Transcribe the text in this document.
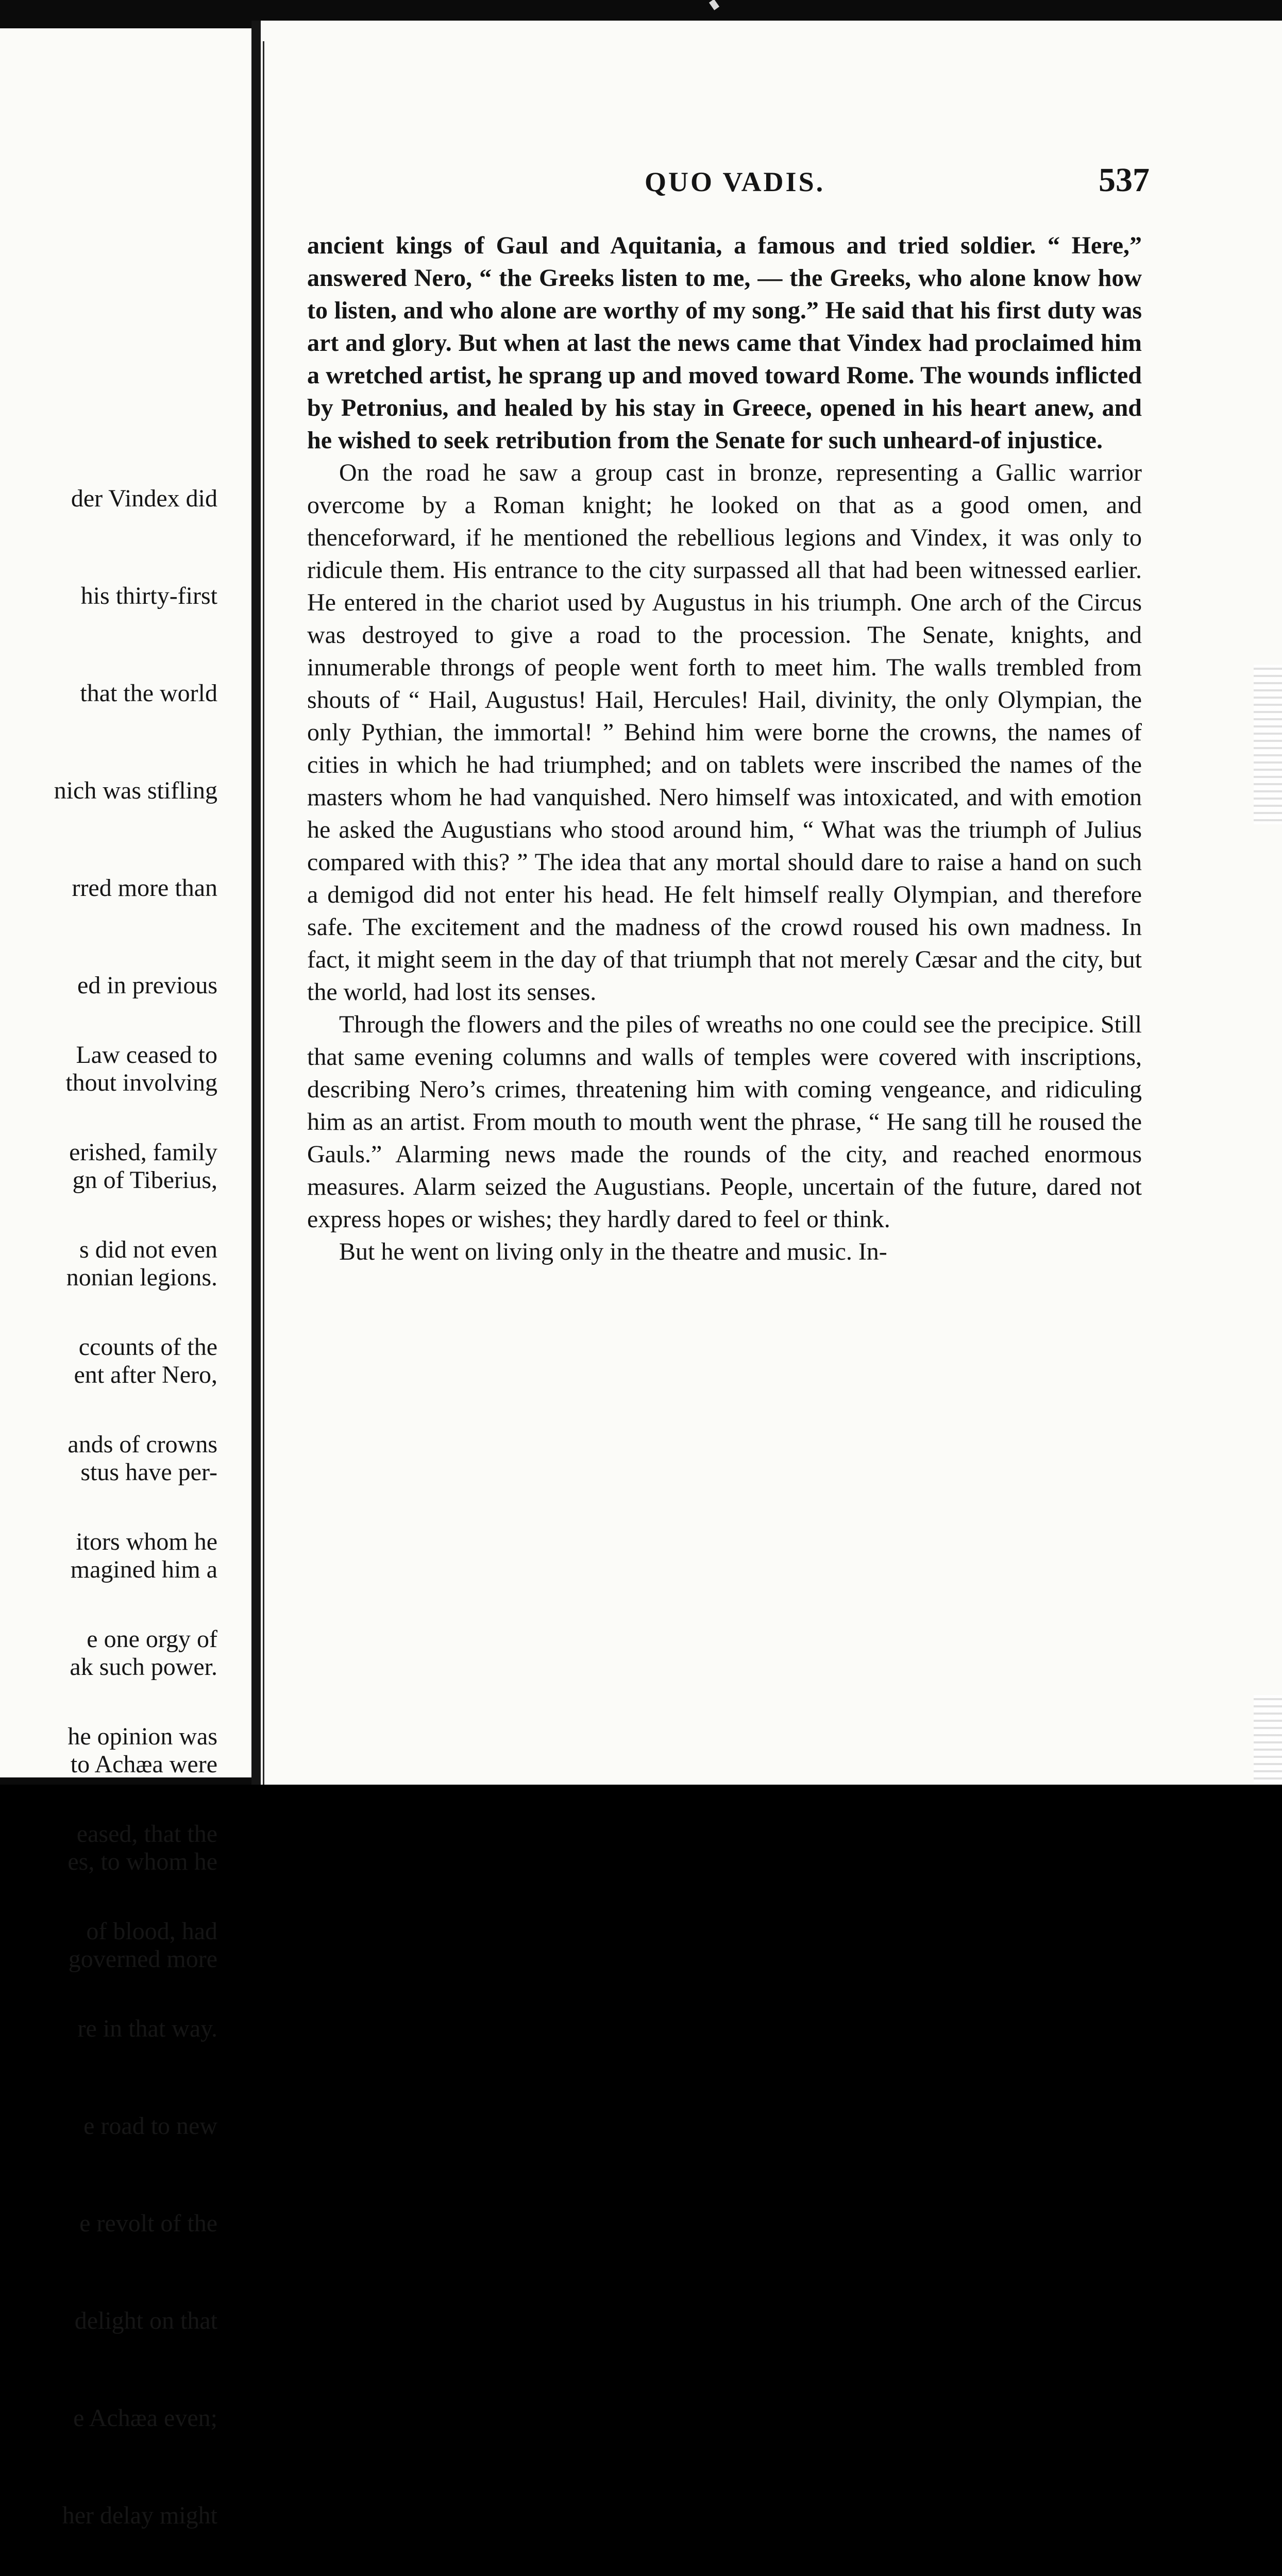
der Vindex did

his thirty-first

that the world

nich was stifling

rred more than

ed in previous

thout involving

gn of Tiberius,

nonian legions.

ent after Nero,

stus have per-

magined him a

ak such power.

to Achæa were

es, to whom he

governed more

Law ceased to

erished, family

s did not even

ccounts of the

ands of crowns

itors whom he

e one orgy of

he opinion was

eased, that the

of blood, had

re in that way.

e road to new

e revolt of the

delight on that

e Achæa even;

her delay might

QUO VADIS.	537

ancient kings of Gaul and Aquitania, a famous and tried soldier. “ Here,” answered Nero, “ the Greeks listen to me, — the Greeks, who alone know how to listen, and who alone are worthy of my song.” He said that his first duty was art and glory. But when at last the news came that Vindex had proclaimed him a wretched artist, he sprang up and moved toward Rome. The wounds inflicted by Petronius, and healed by his stay in Greece, opened in his heart anew, and he wished to seek retribution from the Senate for such unheard-of injustice.

On the road he saw a group cast in bronze, representing a Gallic warrior overcome by a Roman knight; he looked on that as a good omen, and thenceforward, if he mentioned the rebellious legions and Vindex, it was only to ridicule them. His entrance to the city surpassed all that had been witnessed earlier. He entered in the chariot used by Augustus in his triumph. One arch of the Circus was destroyed to give a road to the procession. The Senate, knights, and innumerable throngs of people went forth to meet him. The walls trembled from shouts of “ Hail, Augustus! Hail, Hercules! Hail, divinity, the only Olympian, the only Pythian, the immortal! ” Behind him were borne the crowns, the names of cities in which he had triumphed; and on tablets were inscribed the names of the masters whom he had vanquished. Nero himself was intoxicated, and with emotion he asked the Augustians who stood around him, “ What was the triumph of Julius compared with this? ” The idea that any mortal should dare to raise a hand on such a demigod did not enter his head. He felt himself really Olympian, and therefore safe. The excitement and the madness of the crowd roused his own madness. In fact, it might seem in the day of that triumph that not merely Cæsar and the city, but the world, had lost its senses.

Through the flowers and the piles of wreaths no one could see the precipice. Still that same evening columns and walls of temples were covered with inscriptions, describing Nero’s crimes, threatening him with coming vengeance, and ridiculing him as an artist. From mouth to mouth went the phrase, “ He sang till he roused the Gauls.” Alarming news made the rounds of the city, and reached enormous measures. Alarm seized the Augustians. People, uncertain of the future, dared not express hopes or wishes; they hardly dared to feel or think.

But he went on living only in the theatre and music. In-
